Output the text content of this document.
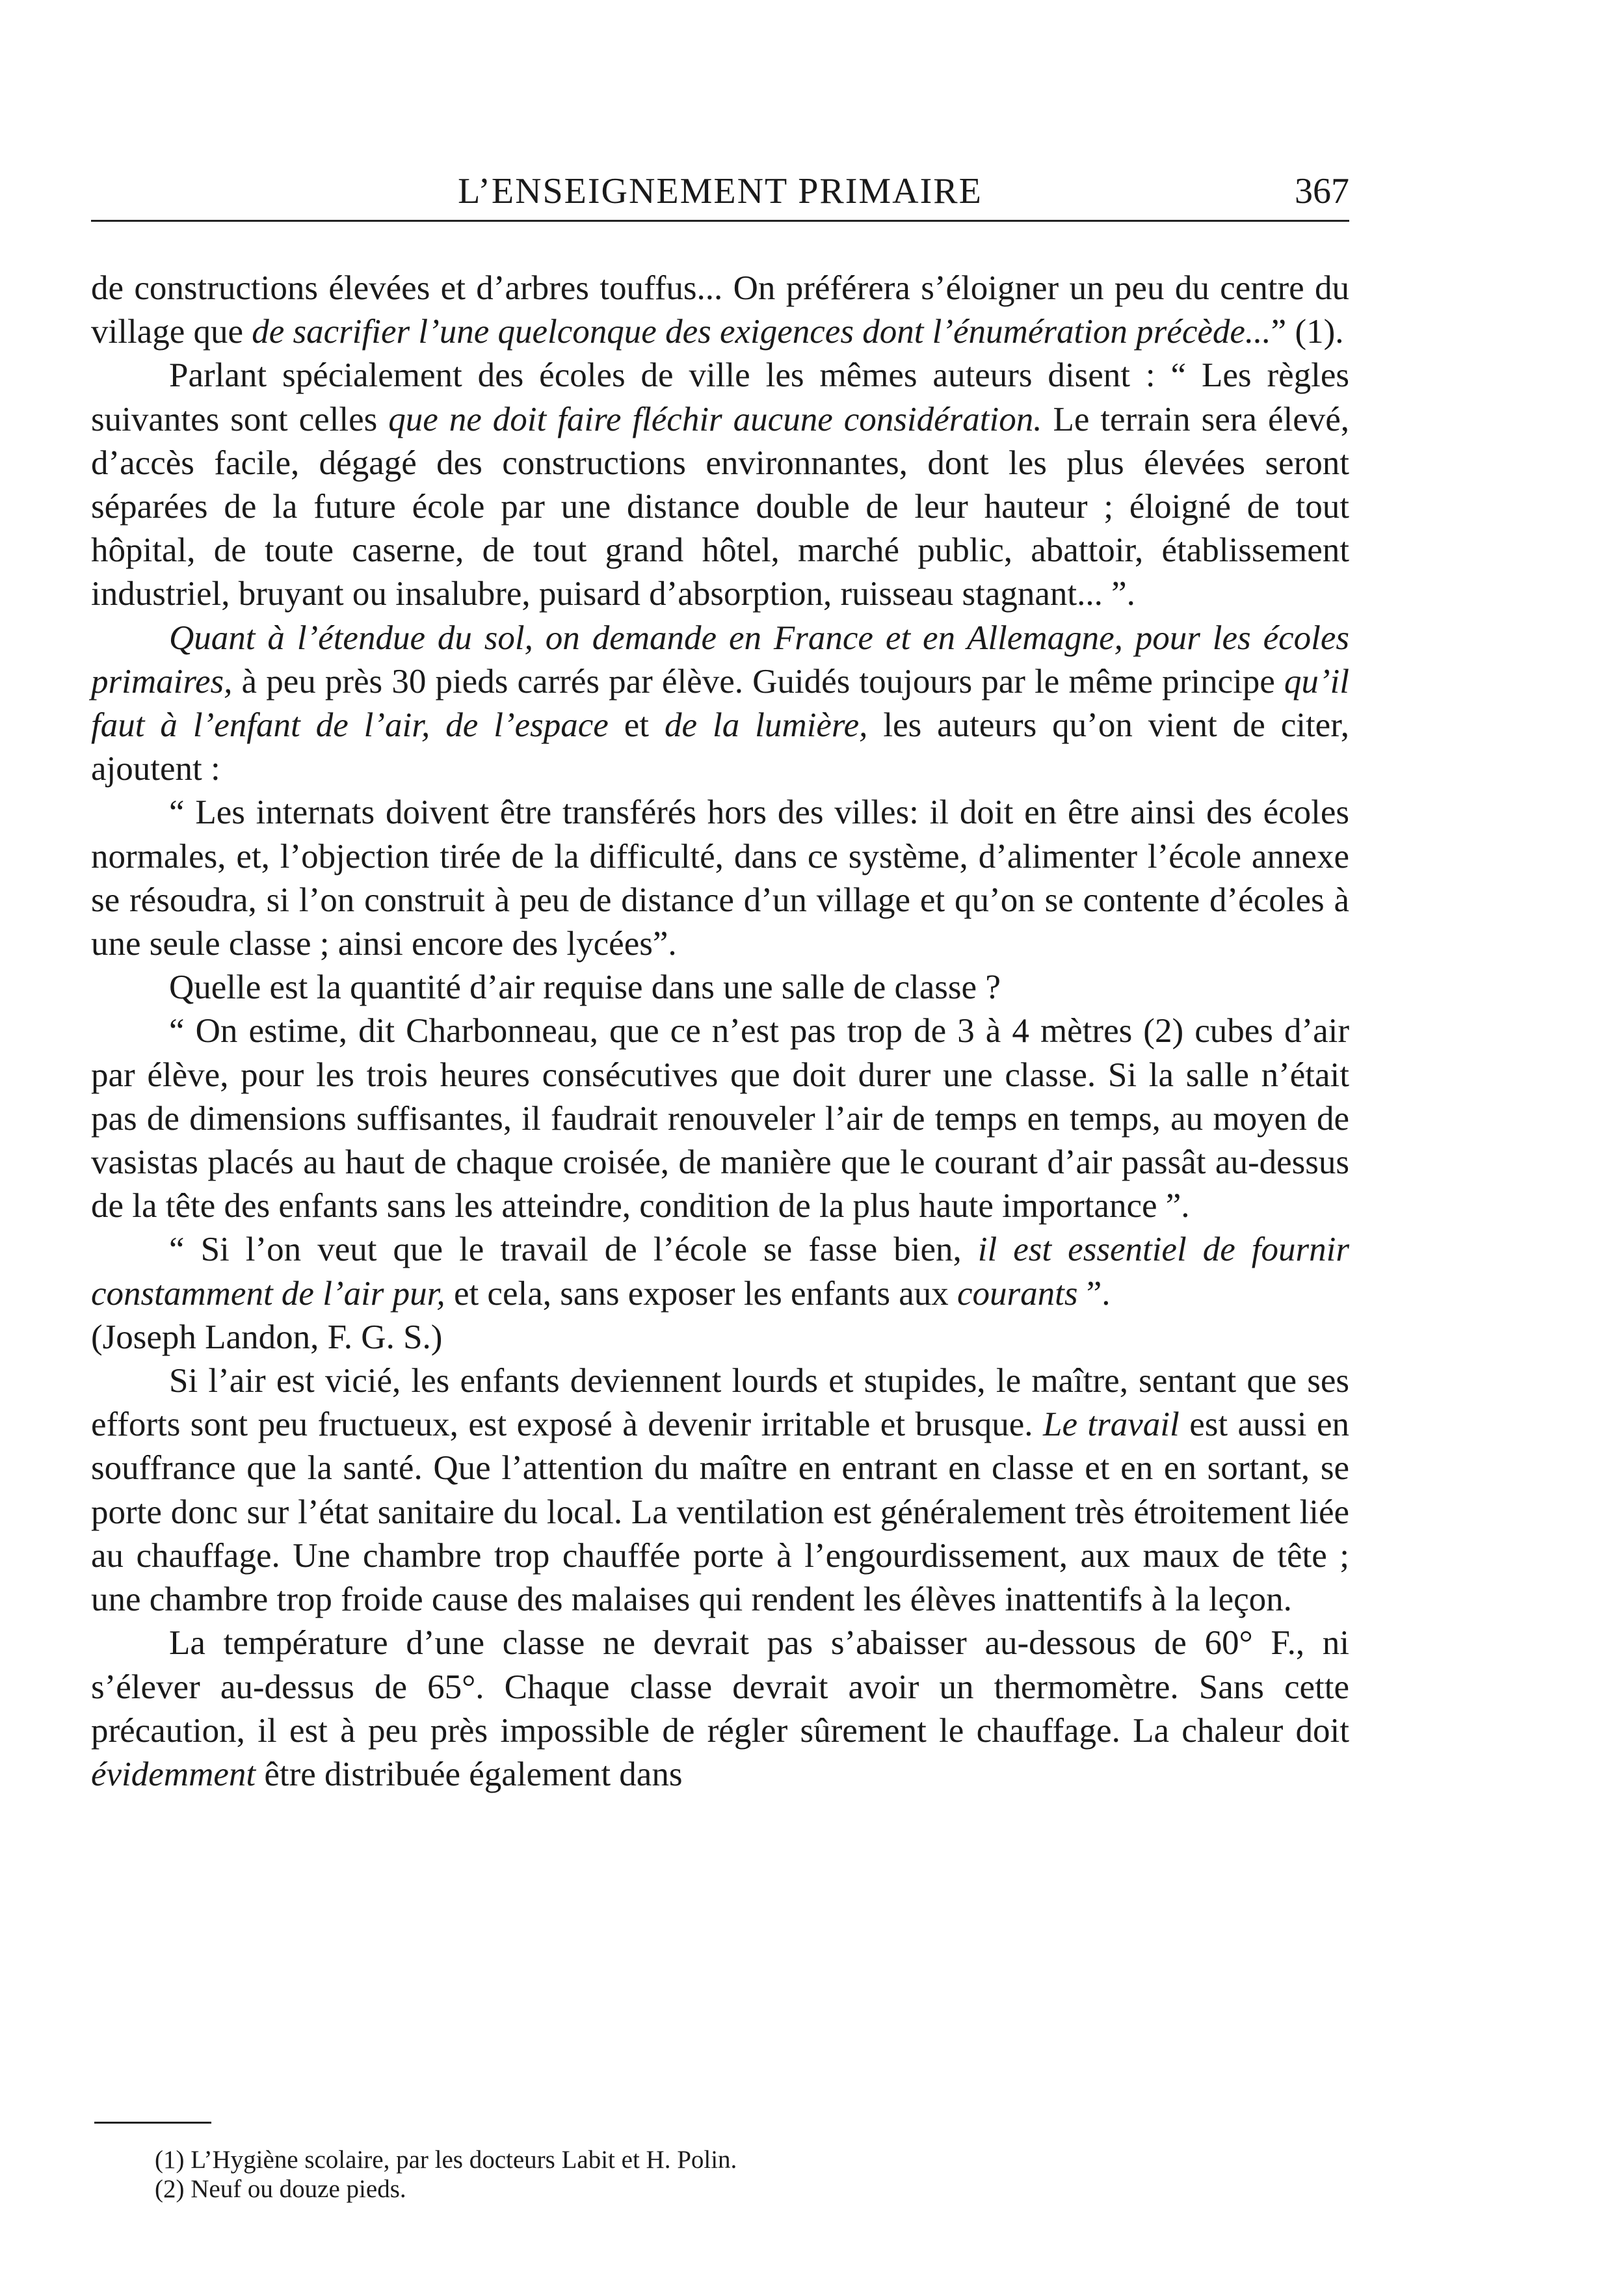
L’ENSEIGNEMENT PRIMAIRE	367

de constructions élevées et d’arbres touffus... On préférera s’éloigner un peu du centre du village que de sacrifier l’une quelconque des exigences dont l’énumération précède...” (1).

Parlant spécialement des écoles de ville les mêmes auteurs disent : “ Les règles suivantes sont celles que ne doit faire fléchir aucune considération. Le terrain sera élevé, d’accès facile, dégagé des constructions environnantes, dont les plus élevées seront séparées de la future école par une distance double de leur hauteur ; éloigné de tout hôpital, de toute caserne, de tout grand hôtel, marché public, abattoir, établissement industriel, bruyant ou insalubre, puisard d’absorption, ruisseau stagnant... ”.

Quant à l’étendue du sol, on demande en France et en Allemagne, pour les écoles primaires, à peu près 30 pieds carrés par élève. Guidés toujours par le même principe qu’il faut à l’enfant de l’air, de l’espace et de la lumière, les auteurs qu’on vient de citer, ajoutent :

“ Les internats doivent être transférés hors des villes: il doit en être ainsi des écoles normales, et, l’objection tirée de la difficulté, dans ce système, d’alimenter l’école annexe se résoudra, si l’on construit à peu de distance d’un village et qu’on se contente d’écoles à une seule classe ; ainsi encore des lycées”.

Quelle est la quantité d’air requise dans une salle de classe ?

“ On estime, dit Charbonneau, que ce n’est pas trop de 3 à 4 mètres (2) cubes d’air par élève, pour les trois heures consécutives que doit durer une classe. Si la salle n’était pas de dimensions suffisantes, il faudrait renouveler l’air de temps en temps, au moyen de vasistas placés au haut de chaque croisée, de manière que le courant d’air passât au-dessus de la tête des enfants sans les atteindre, condition de la plus haute importance ”.

“ Si l’on veut que le travail de l’école se fasse bien, il est essentiel de fournir constamment de l’air pur, et cela, sans exposer les enfants aux courants ”.

(Joseph Landon, F. G. S.)

Si l’air est vicié, les enfants deviennent lourds et stupides, le maître, sentant que ses efforts sont peu fructueux, est exposé à devenir irritable et brusque. Le travail est aussi en souffrance que la santé. Que l’attention du maître en entrant en classe et en en sortant, se porte donc sur l’état sanitaire du local. La ventilation est généralement très étroitement liée au chauffage. Une chambre trop chauffée porte à l’engourdissement, aux maux de tête ; une chambre trop froide cause des malaises qui rendent les élèves inattentifs à la leçon.

La température d’une classe ne devrait pas s’abaisser au-dessous de 60° F., ni s’élever au-dessus de 65°. Chaque classe devrait avoir un thermomètre. Sans cette précaution, il est à peu près impossible de régler sûrement le chauffage. La chaleur doit évidemment être distribuée également dans

(1) L’Hygiène scolaire, par les docteurs Labit et H. Polin.
(2) Neuf ou douze pieds.
